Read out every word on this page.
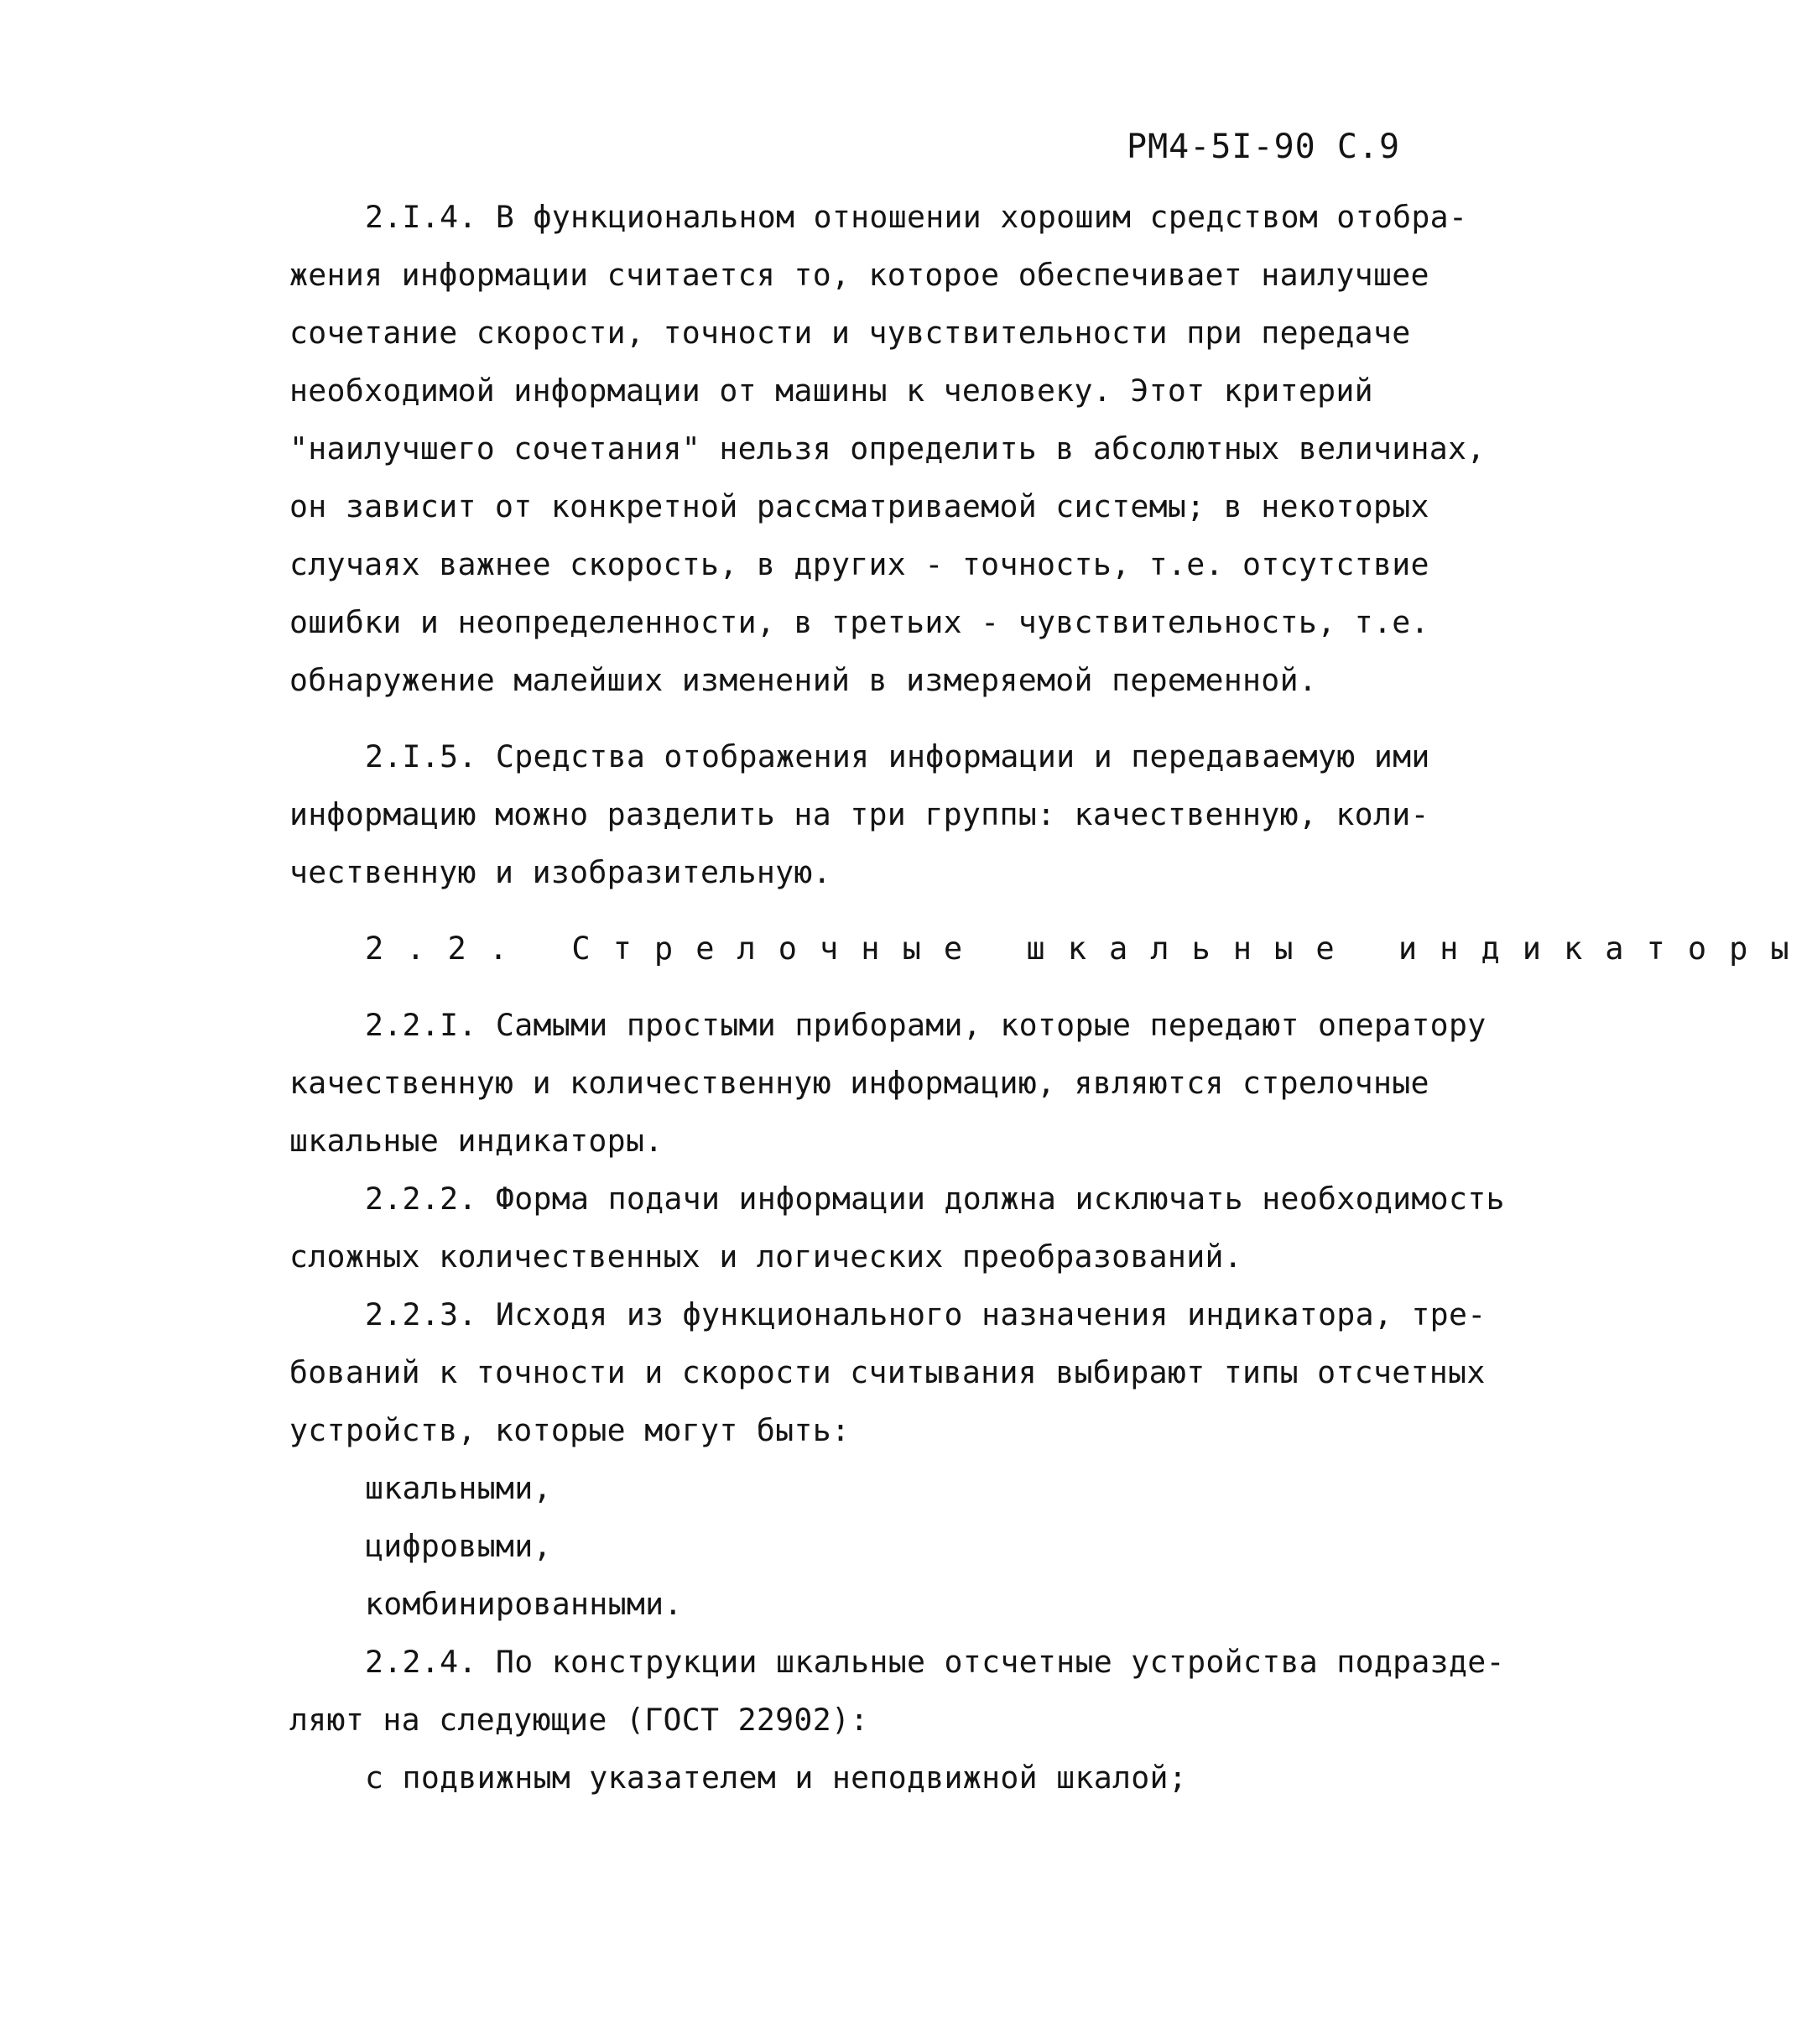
РМ4-5I-90 С.9

2.I.4. В функциональном отношении хорошим средством отобра-
жения информации считается то, которое обеспечивает наилучшее
сочетание скорости, точности и чувствительности при передаче
необходимой информации от машины к человеку. Этот критерий
"наилучшего сочетания" нельзя определить в абсолютных величинах,
он зависит от конкретной рассматриваемой системы; в некоторых
случаях важнее скорость, в других - точность, т.е. отсутствие
ошибки и неопределенности, в третьих - чувствительность, т.е.
обнаружение малейших изменений в измеряемой переменной.

2.I.5. Средства отображения информации и передаваемую ими
информацию можно разделить на три группы: качественную, коли-
чественную и изобразительную.

2.2. Стрелочные шкальные индикаторы

2.2.I. Самыми простыми приборами, которые передают оператору
качественную и количественную информацию, являются стрелочные
шкальные индикаторы.

2.2.2. Форма подачи информации должна исключать необходимость
сложных количественных и логических преобразований.

2.2.3. Исходя из функционального назначения индикатора, тре-
бований к точности и скорости считывания выбирают типы отсчетных
устройств, которые могут быть:

шкальными,
цифровыми,
комбинированными.

2.2.4. По конструкции шкальные отсчетные устройства подразде-
ляют на следующие (ГОСТ 22902):

с подвижным указателем и неподвижной шкалой;
